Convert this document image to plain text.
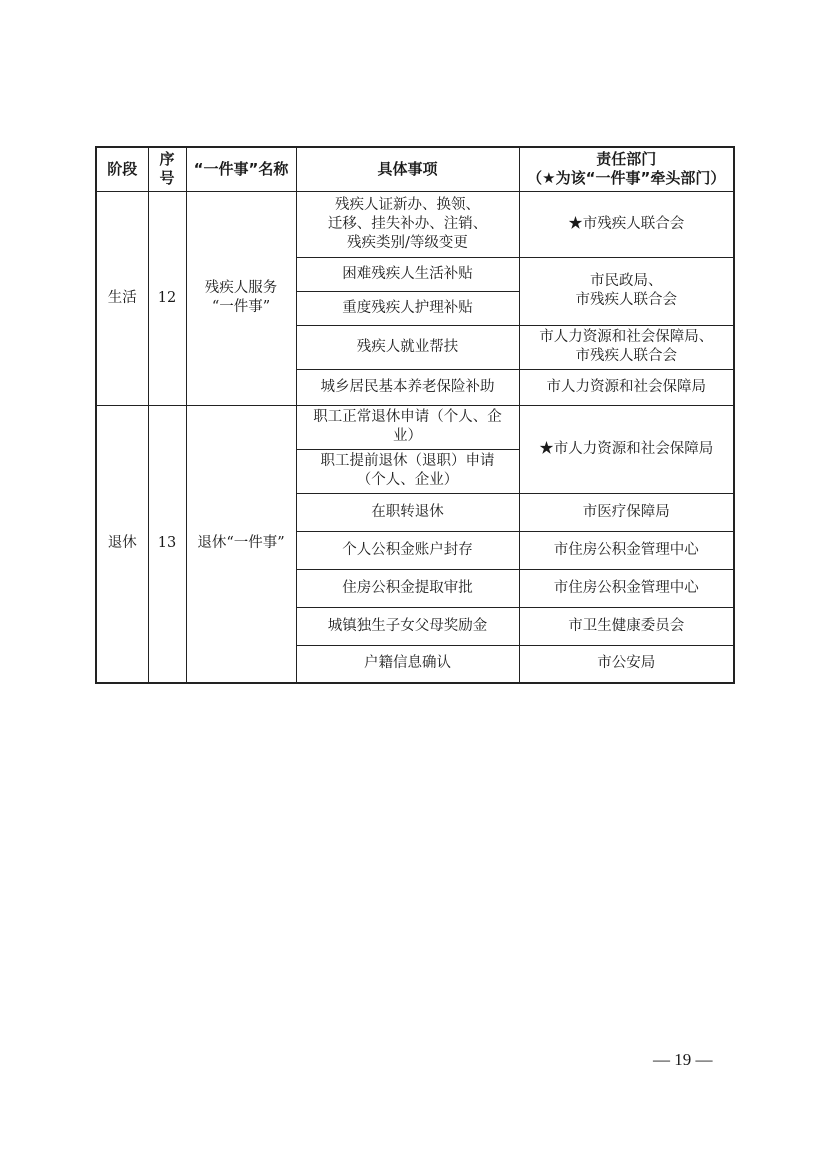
阶段	序号	“一件事”名称	具体事项	责任部门
（★为该“一件事”牵头部门）
生活	12	残疾人服务
“一件事”	残疾人证新办、换领、
迁移、挂失补办、注销、
残疾类别/等级变更	★市残疾人联合会
			困难残疾人生活补贴	市民政局、
市残疾人联合会
			重度残疾人护理补贴	
			残疾人就业帮扶	市人力资源和社会保障局、
市残疾人联合会
			城乡居民基本养老保险补助	市人力资源和社会保障局
退休	13	退休“一件事”	职工正常退休申请（个人、企
业）	★市人力资源和社会保障局
			职工提前退休（退职）申请
（个人、企业）	
			在职转退休	市医疗保障局
			个人公积金账户封存	市住房公积金管理中心
			住房公积金提取审批	市住房公积金管理中心
			城镇独生子女父母奖励金	市卫生健康委员会
			户籍信息确认	市公安局
— 19 —
